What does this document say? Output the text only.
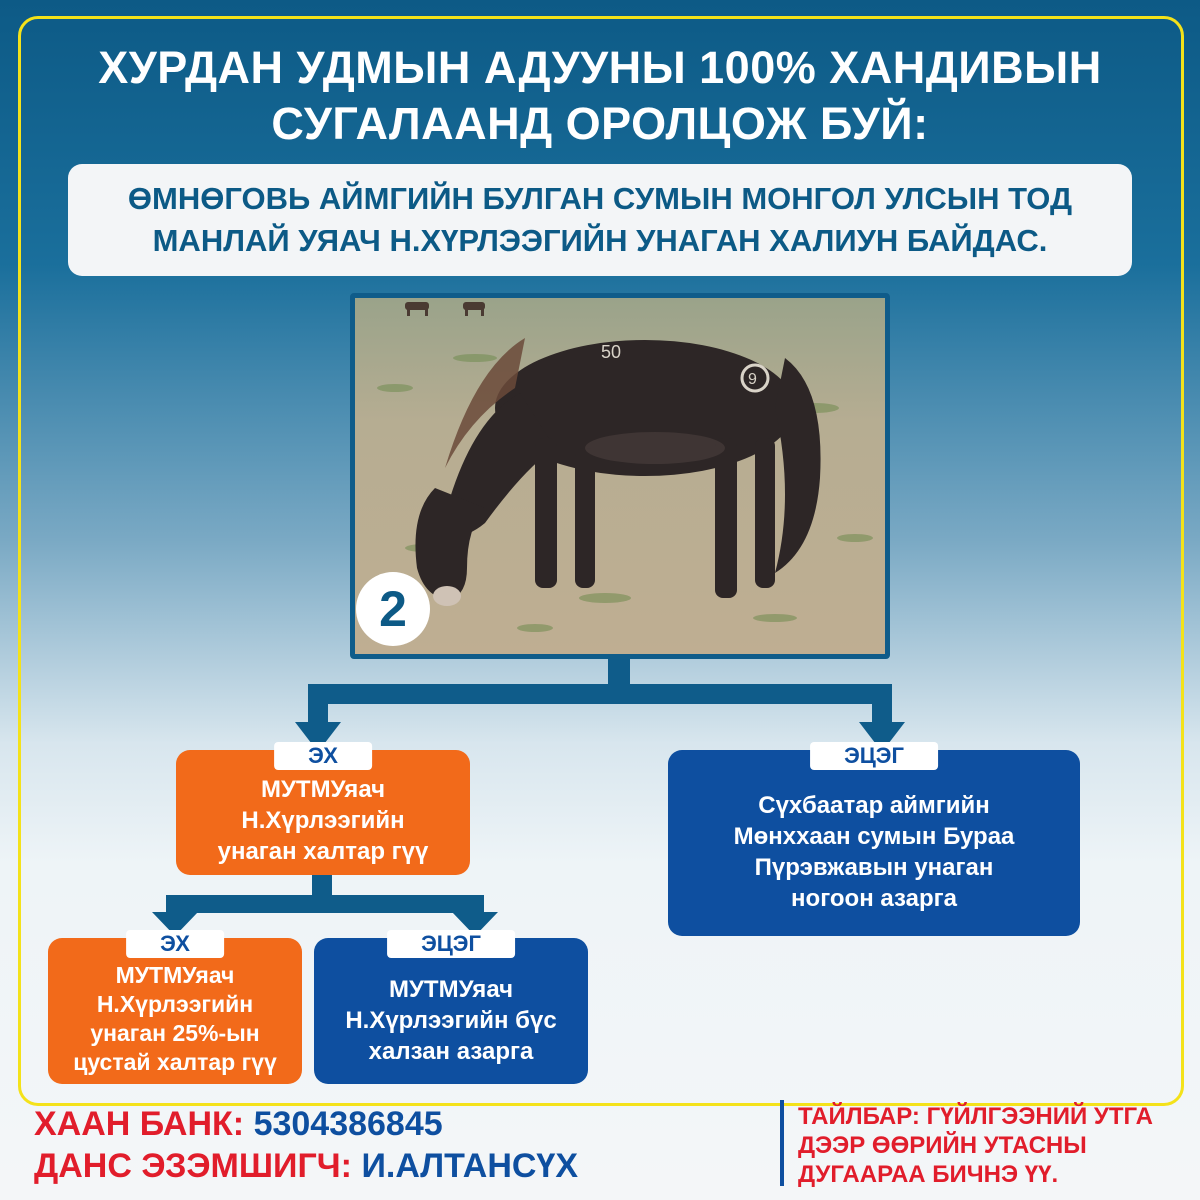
ХУРДАН УДМЫН АДУУНЫ 100% ХАНДИВЫН СУГАЛААНД ОРОЛЦОЖ БУЙ:
ӨМНӨГОВЬ АЙМГИЙН БУЛГАН СУМЫН МОНГОЛ УЛСЫН ТОД МАНЛАЙ УЯАЧ Н.ХҮРЛЭЭГИЙН УНАГАН ХАЛИУН БАЙДАС.
50
9
2
ЭХ
МУТМУяач Н.Хүрлээгийн унаган халтар гүү
ЭЦЭГ
Сүхбаатар аймгийн Мөнххаан сумын Бураа Пүрэвжавын унаган ногоон азарга
ЭХ
МУТМУяач Н.Хүрлээгийн унаган 25%-ын цустай халтар гүү
ЭЦЭГ
МУТМУяач Н.Хүрлээгийн бүс халзан азарга
ХААН БАНК: 5304386845
ДАНС ЭЗЭМШИГЧ: И.АЛТАНСҮХ
ТАЙЛБАР: ГҮЙЛГЭЭНИЙ УТГА ДЭЭР ӨӨРИЙН УТАСНЫ ДУГААРАА БИЧНЭ ҮҮ.
